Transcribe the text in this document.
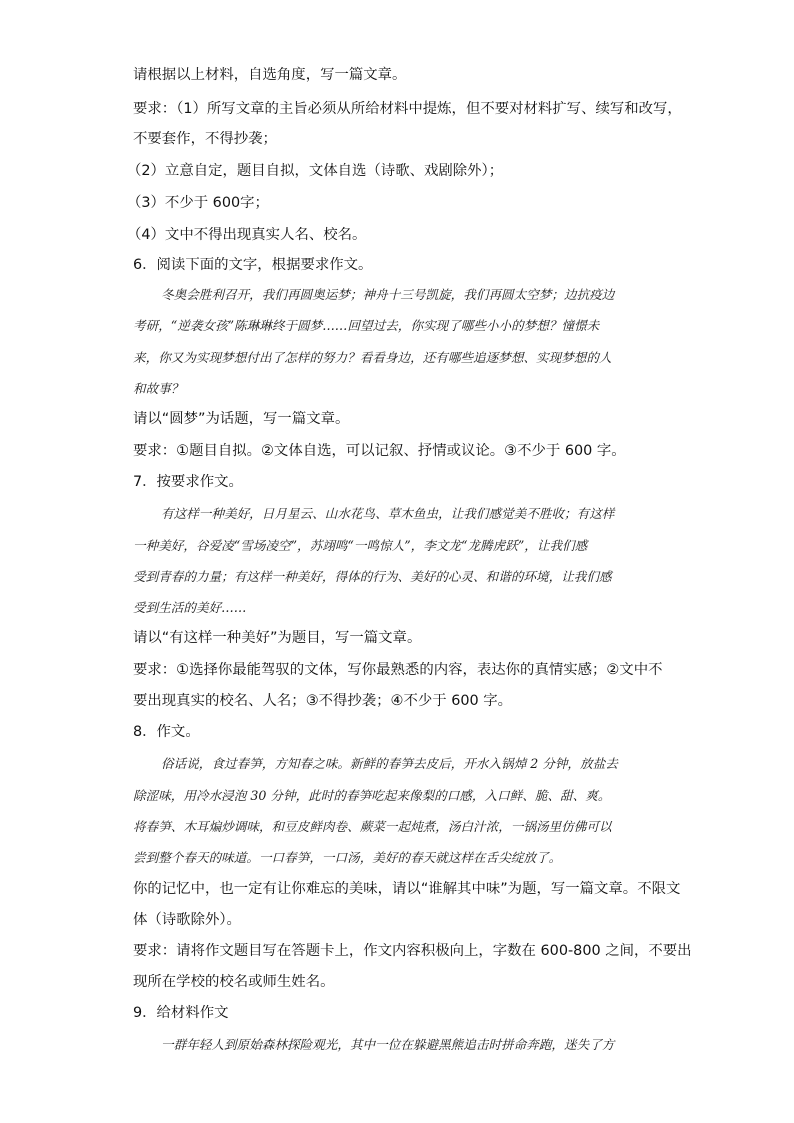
请根据以上材料，自选角度，写一篇文章。
要求：（1）所写文章的主旨必须从所给材料中提炼，但不要对材料扩写、续写和改写，
不要套作，不得抄袭；
（2）立意自定，题目自拟，文体自选（诗歌、戏剧除外）；
（3）不少于 600字；
（4）文中不得出现真实人名、校名。
6．阅读下面的文字，根据要求作文。
冬奥会胜利召开，我们再圆奥运梦；神舟十三号凯旋，我们再圆太空梦；边抗疫边
考研，“逆袭女孩”陈琳琳终于圆梦……回望过去，你实现了哪些小小的梦想？憧憬未
来，你又为实现梦想付出了怎样的努力？看看身边，还有哪些追逐梦想、实现梦想的人
和故事？
请以“圆梦”为话题，写一篇文章。
要求：①题目自拟。②文体自选，可以记叙、抒情或议论。③不少于 600 字。
7．按要求作文。
有这样一种美好，日月星云、山水花鸟、草木鱼虫，让我们感觉美不胜收；有这样
一种美好，谷爱凌“雪场凌空”，苏翊鸣“一鸣惊人”，李文龙“龙腾虎跃”，让我们感
受到青春的力量；有这样一种美好，得体的行为、美好的心灵、和谐的环境，让我们感
受到生活的美好……
请以“有这样一种美好”为题目，写一篇文章。
要求：①选择你最能驾驭的文体，写你最熟悉的内容，表达你的真情实感；②文中不
要出现真实的校名、人名；③不得抄袭；④不少于 600 字。
8．作文。
俗话说，食过春笋，方知春之味。新鲜的春笋去皮后，开水入锅焯 2 分钟，放盐去
除涩味，用冷水浸泡 30 分钟，此时的春笋吃起来像梨的口感，入口鲜、脆、甜、爽。
将春笋、木耳煸炒调味，和豆皮鲜肉卷、蕨菜一起炖煮，汤白汁浓，一锅汤里仿佛可以
尝到整个春天的味道。一口春笋，一口汤，美好的春天就这样在舌尖绽放了。
你的记忆中，也一定有让你难忘的美味，请以“谁解其中味”为题，写一篇文章。不限文
体（诗歌除外）。
要求：请将作文题目写在答题卡上，作文内容积极向上，字数在 600-800 之间，不要出
现所在学校的校名或师生姓名。
9．给材料作文
一群年轻人到原始森林探险观光，其中一位在躲避黑熊追击时拼命奔跑，迷失了方
